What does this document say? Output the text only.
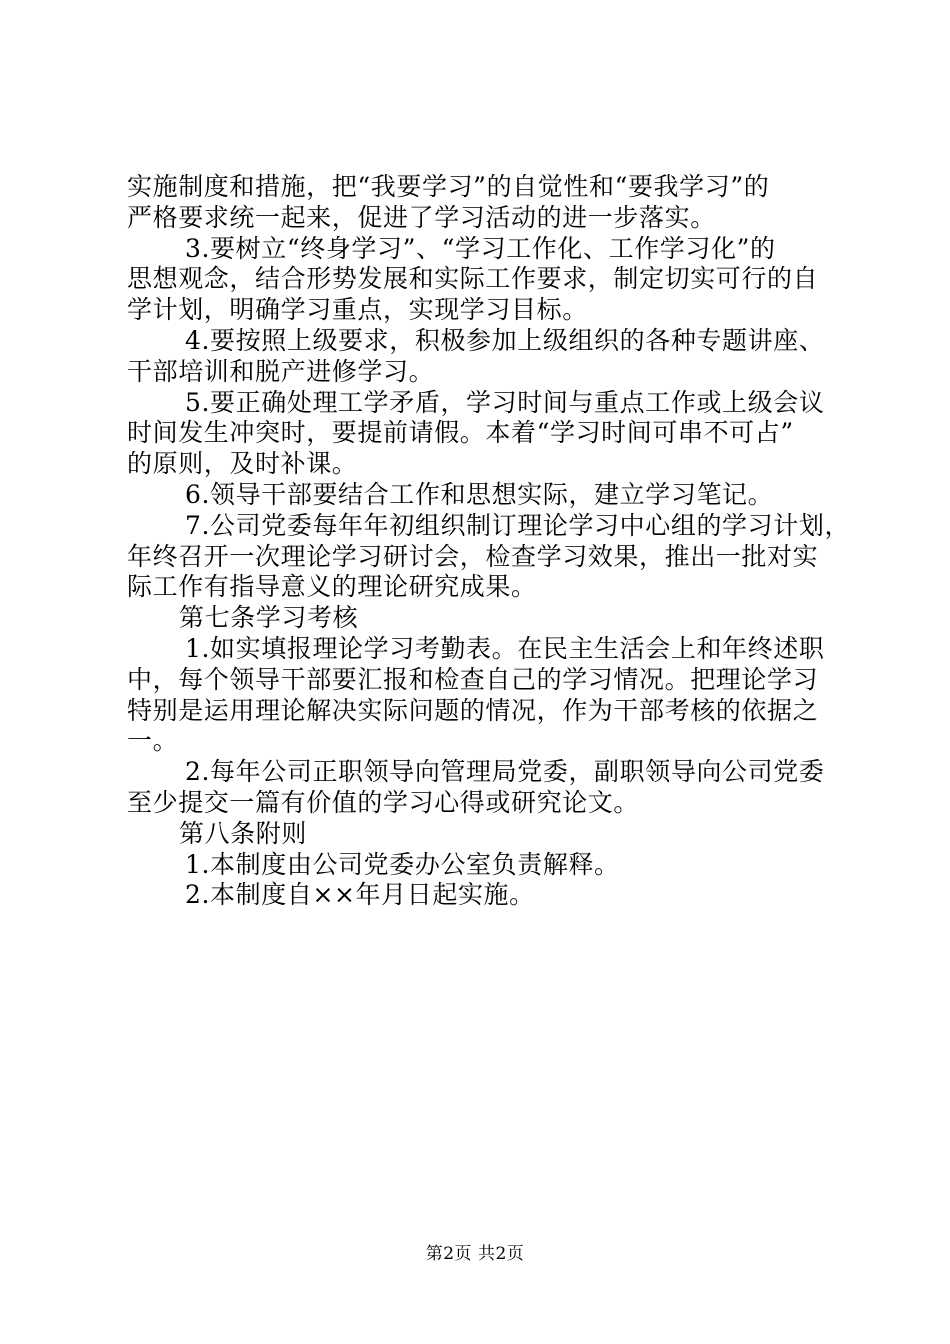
实施制度和措施，把“我要学习”的自觉性和“要我学习”的
严格要求统一起来，促进了学习活动的进一步落实。
3.要树立“终身学习”、“学习工作化、工作学习化”的
思想观念，结合形势发展和实际工作要求，制定切实可行的自
学计划，明确学习重点，实现学习目标。
4.要按照上级要求，积极参加上级组织的各种专题讲座、
干部培训和脱产进修学习。
5.要正确处理工学矛盾，学习时间与重点工作或上级会议
时间发生冲突时，要提前请假。本着“学习时间可串不可占”
的原则，及时补课。
6.领导干部要结合工作和思想实际，建立学习笔记。
7.公司党委每年年初组织制订理论学习中心组的学习计划，
年终召开一次理论学习研讨会，检查学习效果，推出一批对实
际工作有指导意义的理论研究成果。
第七条学习考核
1.如实填报理论学习考勤表。在民主生活会上和年终述职
中，每个领导干部要汇报和检查自己的学习情况。把理论学习
特别是运用理论解决实际问题的情况，作为干部考核的依据之
一。
2.每年公司正职领导向管理局党委，副职领导向公司党委
至少提交一篇有价值的学习心得或研究论文。
第八条附则
1.本制度由公司党委办公室负责解释。
2.本制度自××年月日起实施。
第2页 共2页
